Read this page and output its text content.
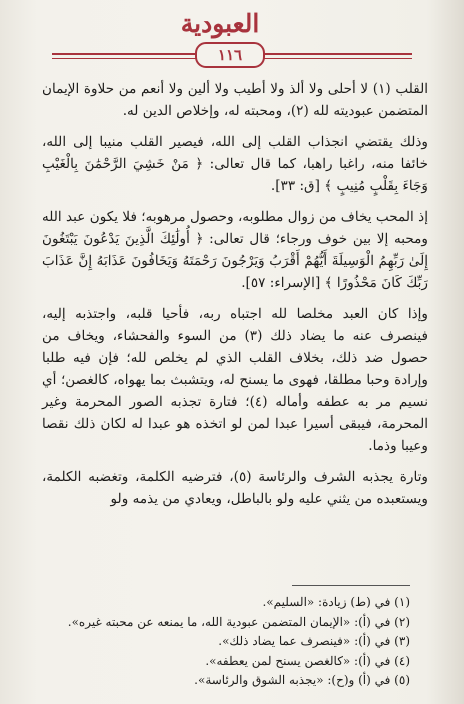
العبودية
١١٦

القلب (١) لا أحلى ولا ألذ ولا أطيب ولا ألين ولا أنعم من حلاوة الإيمان المتضمن عبوديته لله (٢)، ومحبته له، وإخلاص الدين له.

وذلك يقتضي انجذاب القلب إلى الله، فيصير القلب منيبا إلى الله، خائفا منه، راغبا راهبا، كما قال تعالى: ﴿ مَنْ خَشِيَ الرَّحْمَٰنَ بِالْغَيْبِ وَجَاءَ بِقَلْبٍ مُنِيبٍ ﴾ [ق: ٣٣].

إذ المحب يخاف من زوال مطلوبه، وحصول مرهوبه؛ فلا يكون عبد الله ومحبه إلا بين خوف ورجاء؛ قال تعالى: ﴿ أُولَٰئِكَ الَّذِينَ يَدْعُونَ يَبْتَغُونَ إِلَىٰ رَبِّهِمُ الْوَسِيلَةَ أَيُّهُمْ أَقْرَبُ وَيَرْجُونَ رَحْمَتَهُ وَيَخَافُونَ عَذَابَهُ إِنَّ عَذَابَ رَبِّكَ كَانَ مَحْذُورًا ﴾ [الإسراء: ٥٧].

وإذا كان العبد مخلصا لله اجتباه ربه، فأحيا قلبه، واجتذبه إليه، فينصرف عنه ما يضاد ذلك (٣) من السوء والفحشاء، ويخاف من حصول ضد ذلك، بخلاف القلب الذي لم يخلص لله؛ فإن فيه طلبا وإرادة وحبا مطلقا، فهوى ما يسنح له، ويتشبث بما يهواه، كالغصن؛ أي نسيم مر به عطفه وأماله (٤)؛ فتارة تجذبه الصور المحرمة وغير المحرمة، فيبقى أسيرا عبدا لمن لو اتخذه هو عبدا له لكان ذلك نقصا وعيبا وذما.

وتارة يجذبه الشرف والرئاسة (٥)، فترضيه الكلمة، وتغضبه الكلمة، ويستعبده من يثني عليه ولو بالباطل، ويعادي من يذمه ولو

(١) في (ط) زيادة: «السليم».

(٢) في (أ): «الإيمان المتضمن عبودية الله، ما يمنعه عن محبته غيره».

(٣) في (أ): «فينصرف عما يضاد ذلك».

(٤) في (أ): «كالغصن يسنح لمن يعطفه».

(٥) في (أ) و(ح): «يجذبه الشوق والرئاسة».
